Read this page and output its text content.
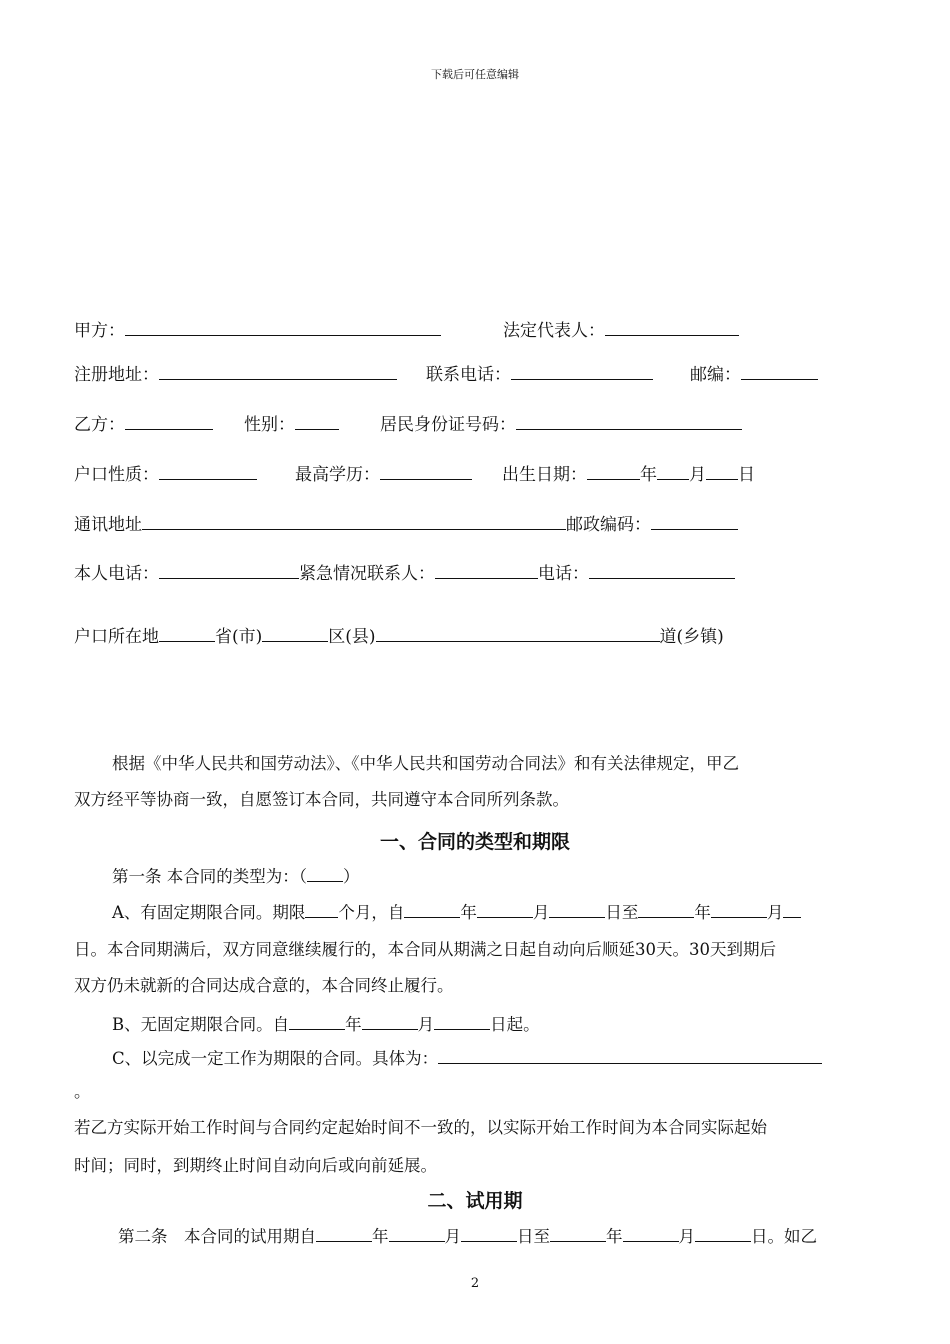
下载后可任意编辑
甲方：	法定代表人：
注册地址：	联系电话：	邮编：
乙方：	性别：	居民身份证号码：
户口性质：	最高学历：	出生日期：	年 月 日
通讯地址	邮政编码：
本人电话：	紧急情况联系人：	电话：
户口所在地	省(市)	区(县)	道(乡镇)
根据《中华人民共和国劳动法》、《中华人民共和国劳动合同法》和有关法律规定，甲乙
双方经平等协商一致，自愿签订本合同，共同遵守本合同所列条款。
一、合同的类型和期限
第一条 本合同的类型为：（ ）
A、有固定期限合同。期限 个月，自	年	月	日至	年	月
日。本合同期满后，双方同意继续履行的，本合同从期满之日起自动向后顺延30天。30天到期后
双方仍未就新的合同达成合意的，本合同终止履行。
B、无固定期限合同。自	年	月	日起。
C、以完成一定工作为期限的合同。具体为：
。
若乙方实际开始工作时间与合同约定起始时间不一致的，以实际开始工作时间为本合同实际起始
时间；同时，到期终止时间自动向后或向前延展。
二、试用期
第二条　本合同的试用期自	年	月	日至	年	月	日。如乙
2
